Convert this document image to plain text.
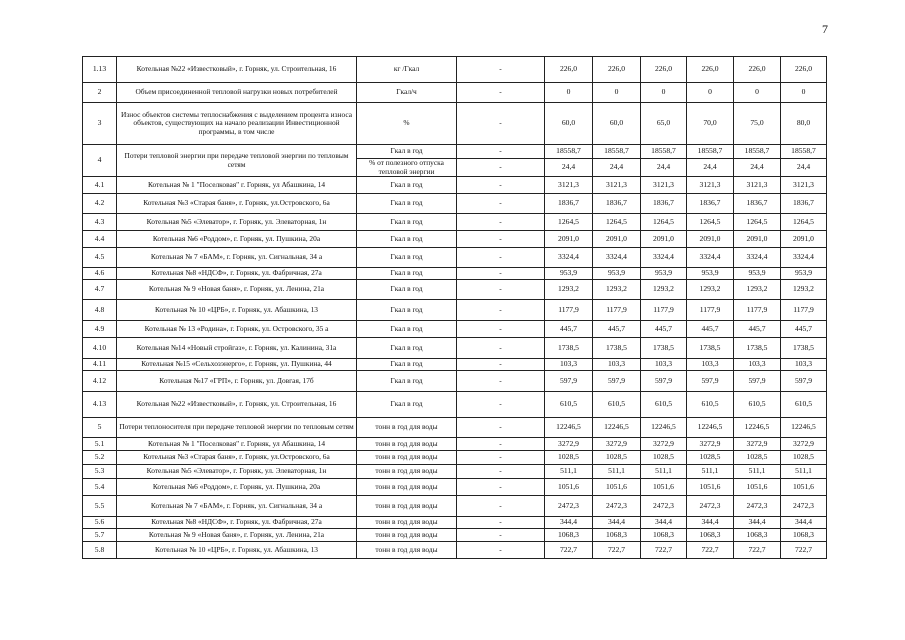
7
1.13	Котельная №22 «Известковый», г. Горняк, ул. Строительная, 16	кг /Гкал	-	226,0	226,0	226,0	226,0	226,0	226,0
2	Объем присоединенной тепловой нагрузки новых потребителей	Гкал/ч	-	0	0	0	0	0	0
3	Износ объектов системы теплоснабжения с выделением процента износа объектов, существующих на начало реализации Инвестиционной программы, в том числе	%	-	60,0	60,0	65,0	70,0	75,0	80,0
4	Потери тепловой энергии при передаче тепловой энергии по тепловым сетям	Гкал в год	-	18558,7	18558,7	18558,7	18558,7	18558,7	18558,7
		% от полезного отпуска тепловой энергии	-	24,4	24,4	24,4	24,4	24,4	24,4
4.1	Котельная № 1 "Поселковая" г. Горняк, ул Абашкина, 14	Гкал в год	-	3121,3	3121,3	3121,3	3121,3	3121,3	3121,3
4.2	Котельная №3 «Старая баня», г. Горняк, ул.Островского, 6а	Гкал в год	-	1836,7	1836,7	1836,7	1836,7	1836,7	1836,7
4.3	Котельная №5 «Элеватор», г. Горняк, ул. Элеваторная, 1н	Гкал в год	-	1264,5	1264,5	1264,5	1264,5	1264,5	1264,5
4.4	Котельная №6 «Роддом», г. Горняк, ул. Пушкина, 20а	Гкал в год	-	2091,0	2091,0	2091,0	2091,0	2091,0	2091,0
4.5	Котельная № 7 «БАМ», г. Горняк, ул. Сигнальная, 34 а	Гкал в год	-	3324,4	3324,4	3324,4	3324,4	3324,4	3324,4
4.6	Котельная №8 «НДСФ», г. Горняк, ул. Фабричная, 27а	Гкал в год	-	953,9	953,9	953,9	953,9	953,9	953,9
4.7	Котельная № 9 «Новая баня», г. Горняк, ул. Ленина, 21а	Гкал в год	-	1293,2	1293,2	1293,2	1293,2	1293,2	1293,2
4.8	Котельная № 10 «ЦРБ», г. Горняк, ул. Абашкина, 13	Гкал в год	-	1177,9	1177,9	1177,9	1177,9	1177,9	1177,9
4.9	Котельная № 13 «Родина», г. Горняк, ул. Островского, 35 а	Гкал в год	-	445,7	445,7	445,7	445,7	445,7	445,7
4.10	Котельная №14 «Новый стройгаз», г. Горняк, ул. Калинина, 31а	Гкал в год	-	1738,5	1738,5	1738,5	1738,5	1738,5	1738,5
4.11	Котельная №15 «Сельхозэнерго», г. Горняк, ул. Пушкина, 44	Гкал в год	-	103,3	103,3	103,3	103,3	103,3	103,3
4.12	Котельная №17 «ГРП», г. Горняк, ул. Довгая, 17б	Гкал в год	-	597,9	597,9	597,9	597,9	597,9	597,9
4.13	Котельная №22 «Известковый», г. Горняк, ул. Строительная, 16	Гкал в год	-	610,5	610,5	610,5	610,5	610,5	610,5
5	Потери теплоносителя при передаче тепловой энергии по тепловым сетям	тонн в год для воды	-	12246,5	12246,5	12246,5	12246,5	12246,5	12246,5
5.1	Котельная № 1 "Поселковая" г. Горняк, ул Абашкина, 14	тонн в год для воды	-	3272,9	3272,9	3272,9	3272,9	3272,9	3272,9
5.2	Котельная №3 «Старая баня», г. Горняк, ул.Островского, 6а	тонн в год для воды	-	1028,5	1028,5	1028,5	1028,5	1028,5	1028,5
5.3	Котельная №5 «Элеватор», г. Горняк, ул. Элеваторная, 1н	тонн в год для воды	-	511,1	511,1	511,1	511,1	511,1	511,1
5.4	Котельная №6 «Роддом», г. Горняк, ул. Пушкина, 20а	тонн в год для воды	-	1051,6	1051,6	1051,6	1051,6	1051,6	1051,6
5.5	Котельная № 7 «БАМ», г. Горняк, ул. Сигнальная, 34 а	тонн в год для воды	-	2472,3	2472,3	2472,3	2472,3	2472,3	2472,3
5.6	Котельная №8 «НДСФ», г. Горняк, ул. Фабричная, 27а	тонн в год для воды	-	344,4	344,4	344,4	344,4	344,4	344,4
5.7	Котельная № 9 «Новая баня», г. Горняк, ул. Ленина, 21а	тонн в год для воды	-	1068,3	1068,3	1068,3	1068,3	1068,3	1068,3
5.8	Котельная № 10 «ЦРБ», г. Горняк, ул. Абашкина, 13	тонн в год для воды	-	722,7	722,7	722,7	722,7	722,7	722,7
